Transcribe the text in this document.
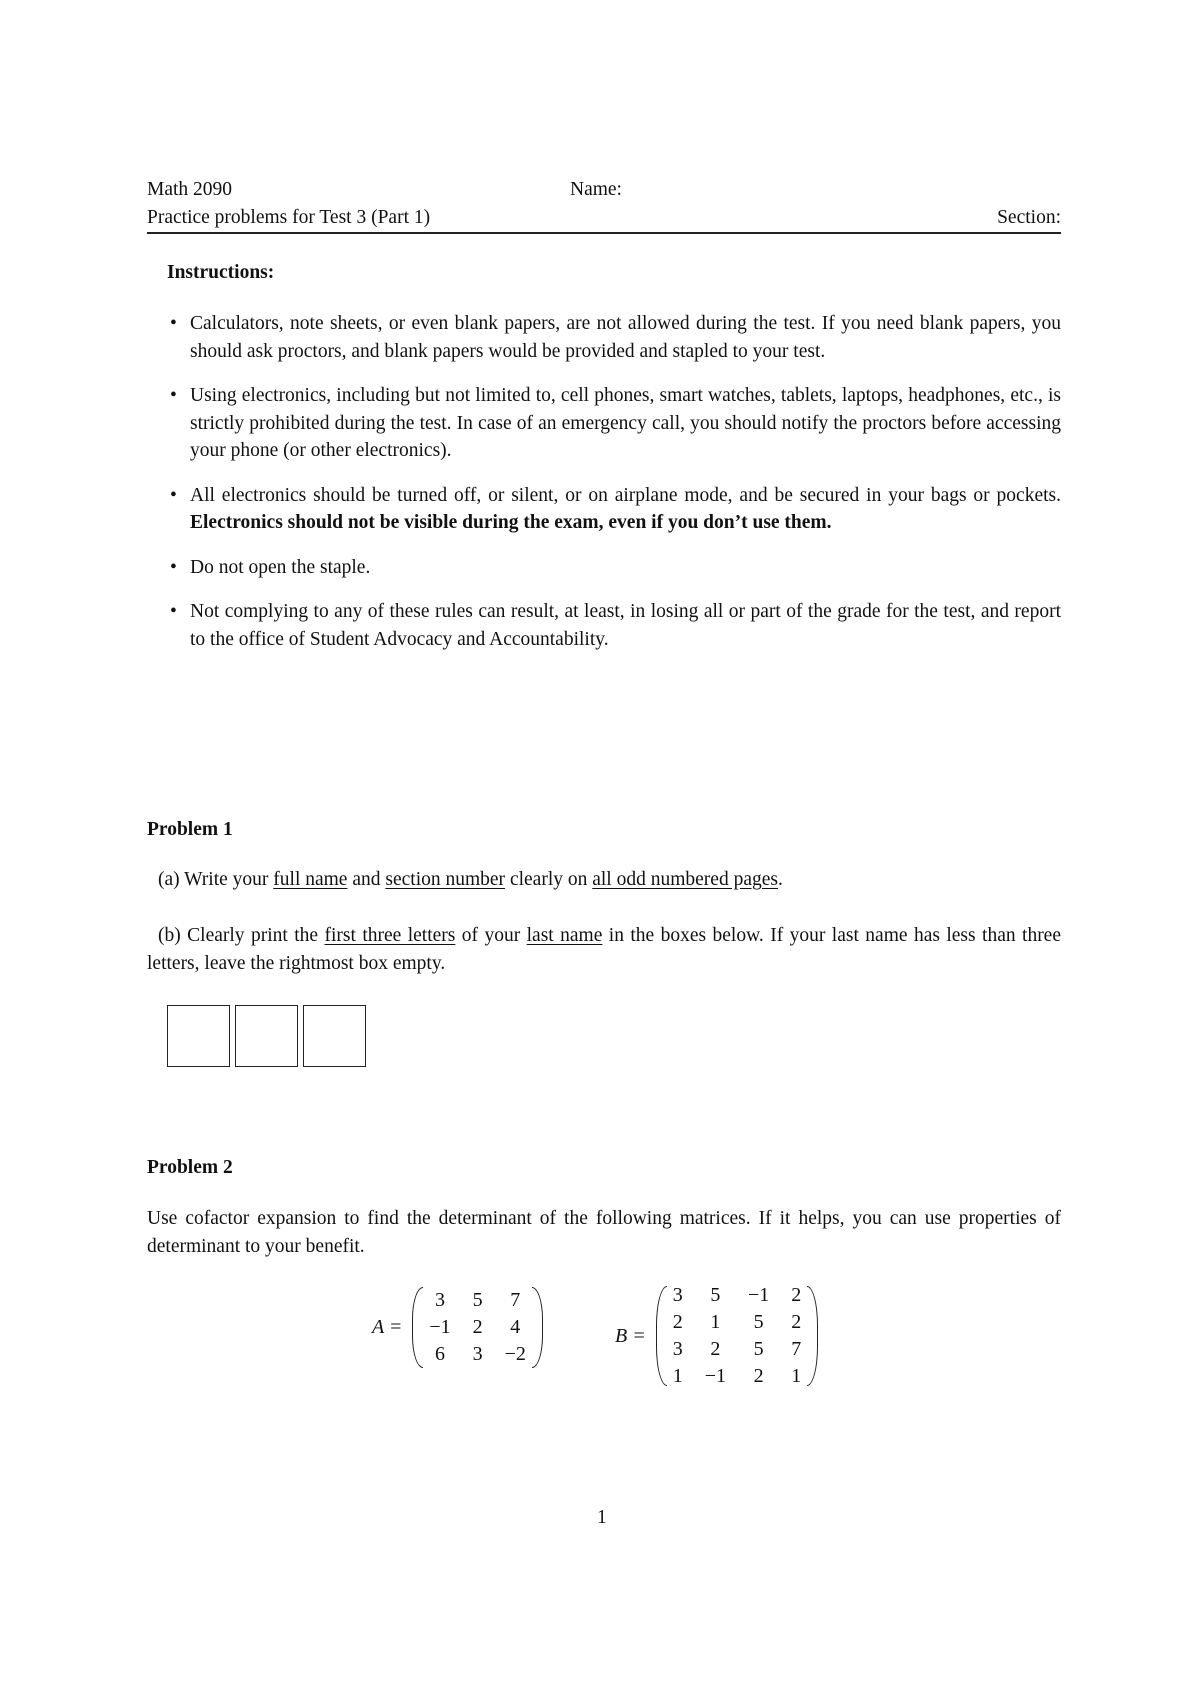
Math 2090	Name:
Practice problems for Test 3 (Part 1)	Section:
Instructions:
• Calculators, note sheets, or even blank papers, are not allowed during the test. If you need blank papers, you should ask proctors, and blank papers would be provided and stapled to your test.
• Using electronics, including but not limited to, cell phones, smart watches, tablets, laptops, headphones, etc., is strictly prohibited during the test. In case of an emergency call, you should notify the proctors before accessing your phone (or other electronics).
• All electronics should be turned off, or silent, or on airplane mode, and be secured in your bags or pockets. Electronics should not be visible during the exam, even if you don’t use them.
• Do not open the staple.
• Not complying to any of these rules can result, at least, in losing all or part of the grade for the test, and report to the office of Student Advocacy and Accountability.
Problem 1
(a) Write your full name and section number clearly on all odd numbered pages.
(b) Clearly print the first three letters of your last name in the boxes below. If your last name has less than three letters, leave the rightmost box empty.
Problem 2
Use cofactor expansion to find the determinant of the following matrices. If it helps, you can use properties of determinant to your benefit.
A =
3	5	7
−1	2	4
6	3	−2
B =
3	5	−1	2
2	1	5	2
3	2	5	7
1	−1	2	1
1
